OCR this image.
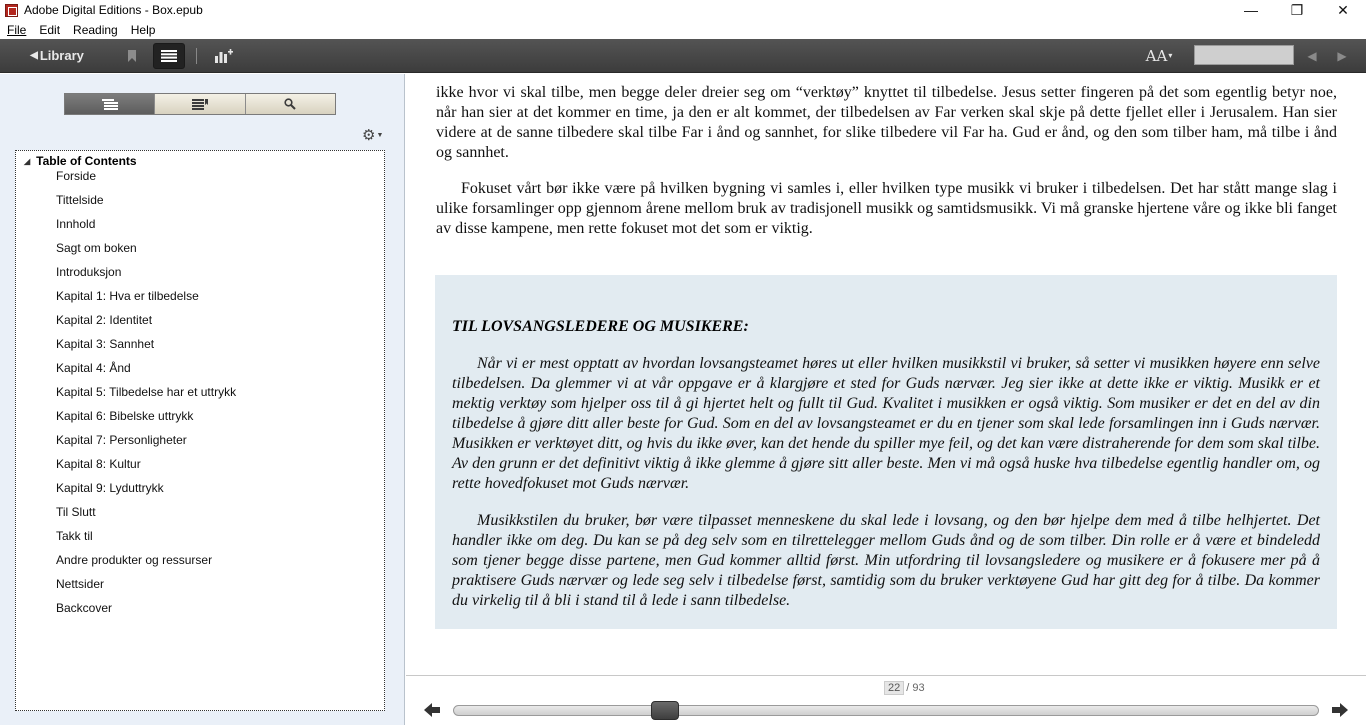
Adobe Digital Editions - Box.epub	—	❐	✕
File	Edit	Reading	Help
◀ Library	AA ▾	◀	▶
⚙ ▼
◢ Table of Contents
Forside
Tittelside
Innhold
Sagt om boken
Introduksjon
Kapital 1: Hva er tilbedelse
Kapital 2: Identitet
Kapital 3: Sannhet
Kapital 4: Ånd
Kapital 5: Tilbedelse har et uttrykk
Kapital 6: Bibelske uttrykk
Kapital 7: Personligheter
Kapital 8: Kultur
Kapital 9: Lyduttrykk
Til Slutt
Takk til
Andre produkter og ressurser
Nettsider
Backcover

ikke hvor vi skal tilbe, men begge deler dreier seg om “verktøy” knyttet til tilbedelse. Jesus setter fingeren på det som egentlig betyr noe, når han sier at det kommer en time, ja den er alt kommet, der tilbedelsen av Far verken skal skje på dette fjellet eller i Jerusalem. Han sier videre at de sanne tilbedere skal tilbe Far i ånd og sannhet, for slike tilbedere vil Far ha. Gud er ånd, og den som tilber ham, må tilbe i ånd og sannhet.

Fokuset vårt bør ikke være på hvilken bygning vi samles i, eller hvilken type musikk vi bruker i tilbedelsen. Det har stått mange slag i ulike forsamlinger opp gjennom årene mellom bruk av tradisjonell musikk og samtidsmusikk. Vi må granske hjertene våre og ikke bli fanget av disse kampene, men rette fokuset mot det som er viktig.

TIL LOVSANGSLEDERE OG MUSIKERE:

Når vi er mest opptatt av hvordan lovsangsteamet høres ut eller hvilken musikkstil vi bruker, så setter vi musikken høyere enn selve tilbedelsen. Da glemmer vi at vår oppgave er å klargjøre et sted for Guds nærvær. Jeg sier ikke at dette ikke er viktig. Musikk er et mektig verktøy som hjelper oss til å gi hjertet helt og fullt til Gud. Kvalitet i musikken er også viktig. Som musiker er det en del av din tilbedelse å gjøre ditt aller beste for Gud. Som en del av lovsangsteamet er du en tjener som skal lede forsamlingen inn i Guds nærvær. Musikken er verktøyet ditt, og hvis du ikke øver, kan det hende du spiller mye feil, og det kan være distraherende for dem som skal tilbe. Av den grunn er det definitivt viktig å ikke glemme å gjøre sitt aller beste. Men vi må også huske hva tilbedelse egentlig handler om, og rette hovedfokuset mot Guds nærvær.

Musikkstilen du bruker, bør være tilpasset menneskene du skal lede i lovsang, og den bør hjelpe dem med å tilbe helhjertet. Det handler ikke om deg. Du kan se på deg selv som en tilrettelegger mellom Guds ånd og de som tilber. Din rolle er å være et bindeledd som tjener begge disse partene, men Gud kommer alltid først. Min utfordring til lovsangsledere og musikere er å fokusere mer på å praktisere Guds nærvær og lede seg selv i tilbedelse først, samtidig som du bruker verktøyene Gud har gitt deg for å tilbe. Da kommer du virkelig til å bli i stand til å lede i sann tilbedelse.

22 / 93
